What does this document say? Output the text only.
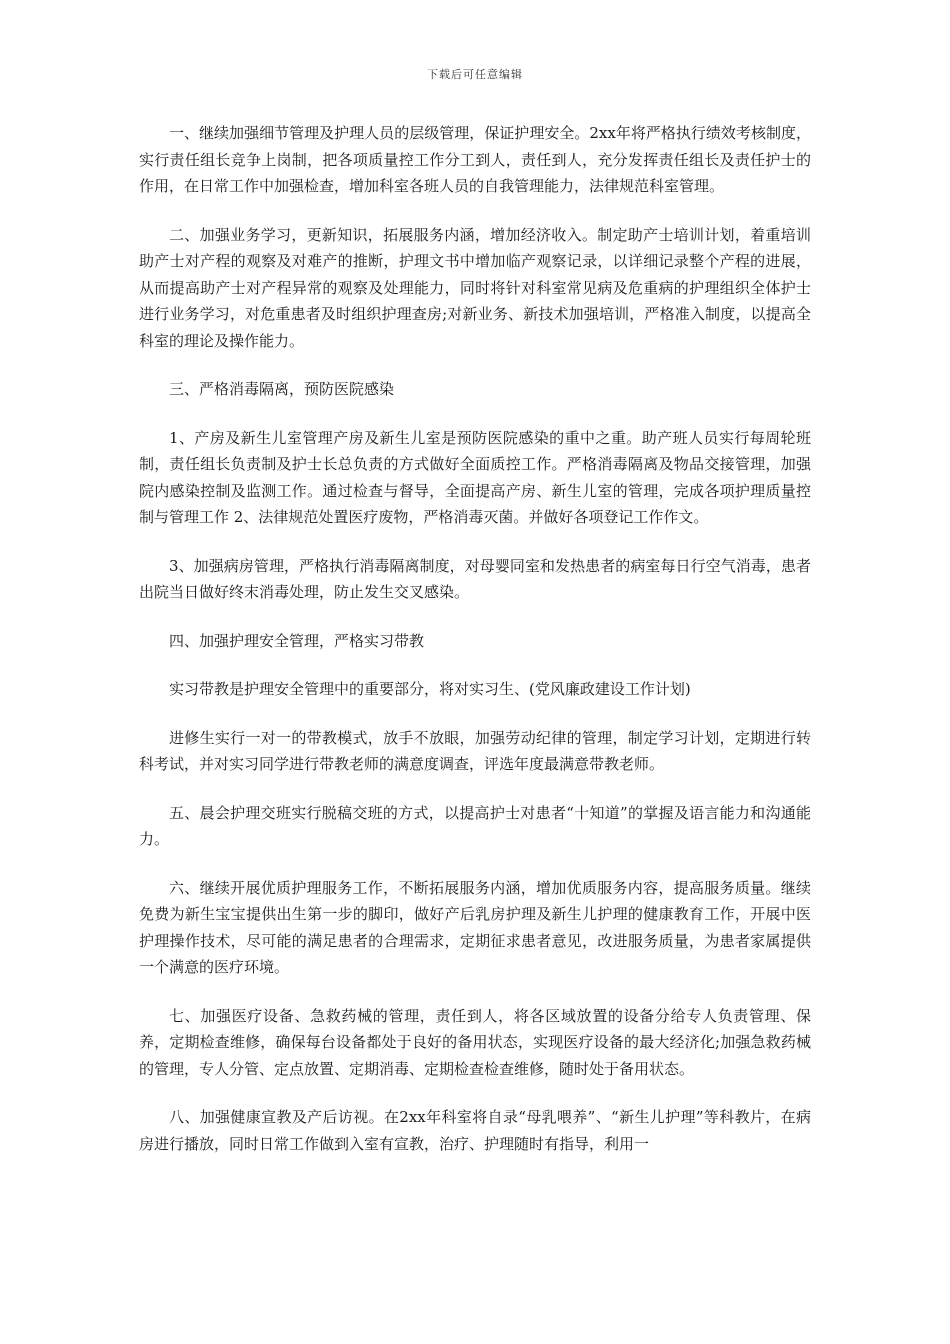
下载后可任意编辑

一、继续加强细节管理及护理人员的层级管理，保证护理安全。2xx年将严格执行绩效考核制度，实行责任组长竞争上岗制，把各项质量控工作分工到人，责任到人，充分发挥责任组长及责任护士的作用，在日常工作中加强检查，增加科室各班人员的自我管理能力，法律规范科室管理。

二、加强业务学习，更新知识，拓展服务内涵，增加经济收入。制定助产士培训计划，着重培训助产士对产程的观察及对难产的推断，护理文书中增加临产观察记录，以详细记录整个产程的进展，从而提高助产士对产程异常的观察及处理能力，同时将针对科室常见病及危重病的护理组织全体护士进行业务学习，对危重患者及时组织护理查房;对新业务、新技术加强培训，严格准入制度，以提高全科室的理论及操作能力。

三、严格消毒隔离，预防医院感染

1、产房及新生儿室管理产房及新生儿室是预防医院感染的重中之重。助产班人员实行每周轮班制，责任组长负责制及护士长总负责的方式做好全面质控工作。严格消毒隔离及物品交接管理，加强院内感染控制及监测工作。通过检查与督导，全面提高产房、新生儿室的管理，完成各项护理质量控制与管理工作 2、法律规范处置医疗废物，严格消毒灭菌。并做好各项登记工作作文。

3、加强病房管理，严格执行消毒隔离制度，对母婴同室和发热患者的病室每日行空气消毒，患者出院当日做好终末消毒处理，防止发生交叉感染。

四、加强护理安全管理，严格实习带教

实习带教是护理安全管理中的重要部分，将对实习生、(党风廉政建设工作计划)

进修生实行一对一的带教模式，放手不放眼，加强劳动纪律的管理，制定学习计划，定期进行转科考试，并对实习同学进行带教老师的满意度调查，评选年度最满意带教老师。

五、晨会护理交班实行脱稿交班的方式，以提高护士对患者“十知道”的掌握及语言能力和沟通能力。

六、继续开展优质护理服务工作，不断拓展服务内涵，增加优质服务内容，提高服务质量。继续免费为新生宝宝提供出生第一步的脚印，做好产后乳房护理及新生儿护理的健康教育工作，开展中医护理操作技术，尽可能的满足患者的合理需求，定期征求患者意见，改进服务质量，为患者家属提供一个满意的医疗环境。

七、加强医疗设备、急救药械的管理，责任到人，将各区域放置的设备分给专人负责管理、保养，定期检查维修，确保每台设备都处于良好的备用状态，实现医疗设备的最大经济化;加强急救药械的管理，专人分管、定点放置、定期消毒、定期检查检查维修，随时处于备用状态。

八、加强健康宣教及产后访视。在2xx年科室将自录“母乳喂养”、“新生儿护理”等科教片，在病房进行播放，同时日常工作做到入室有宣教，治疗、护理随时有指导，利用一
